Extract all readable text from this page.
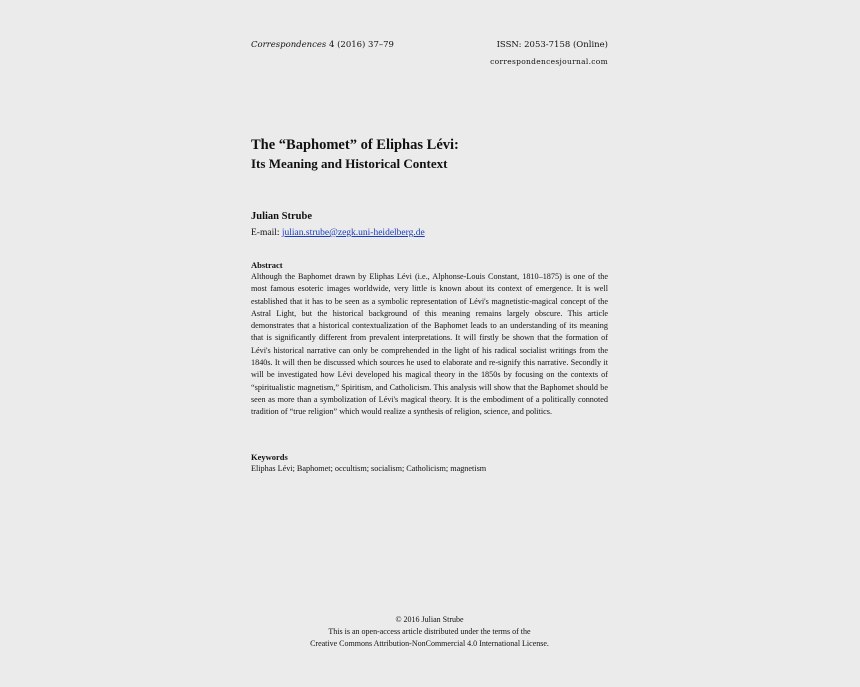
Correspondences 4 (2016) 37–79	ISSN: 2053-7158 (Online)
correspondencesjournal.com
The “Baphomet” of Eliphas Lévi:
Its Meaning and Historical Context
Julian Strube
E-mail: julian.strube@zegk.uni-heidelberg.de

Abstract

Although the Baphomet drawn by Eliphas Lévi (i.e., Alphonse-Louis Constant, 1810–1875) is one of the most famous esoteric images worldwide, very little is known about its context of emergence. It is well established that it has to be seen as a symbolic representation of Lévi's magnetistic-magical concept of the Astral Light, but the historical background of this meaning remains largely obscure. This article demonstrates that a historical contextualization of the Baphomet leads to an understanding of its meaning that is significantly different from prevalent interpretations. It will firstly be shown that the formation of Lévi's historical narrative can only be comprehended in the light of his radical socialist writings from the 1840s. It will then be discussed which sources he used to elaborate and re-signify this narrative. Secondly it will be investigated how Lévi developed his magical theory in the 1850s by focusing on the contexts of “spiritualistic magnetism,” Spiritism, and Catholicism. This analysis will show that the Baphomet should be seen as more than a symbolization of Lévi's magical theory. It is the embodiment of a politically connoted tradition of “true religion” which would realize a synthesis of religion, science, and politics.

Keywords

Eliphas Lévi; Baphomet; occultism; socialism; Catholicism; magnetism

© 2016 Julian Strube
This is an open-access article distributed under the terms of the
Creative Commons Attribution-NonCommercial 4.0 International License.
